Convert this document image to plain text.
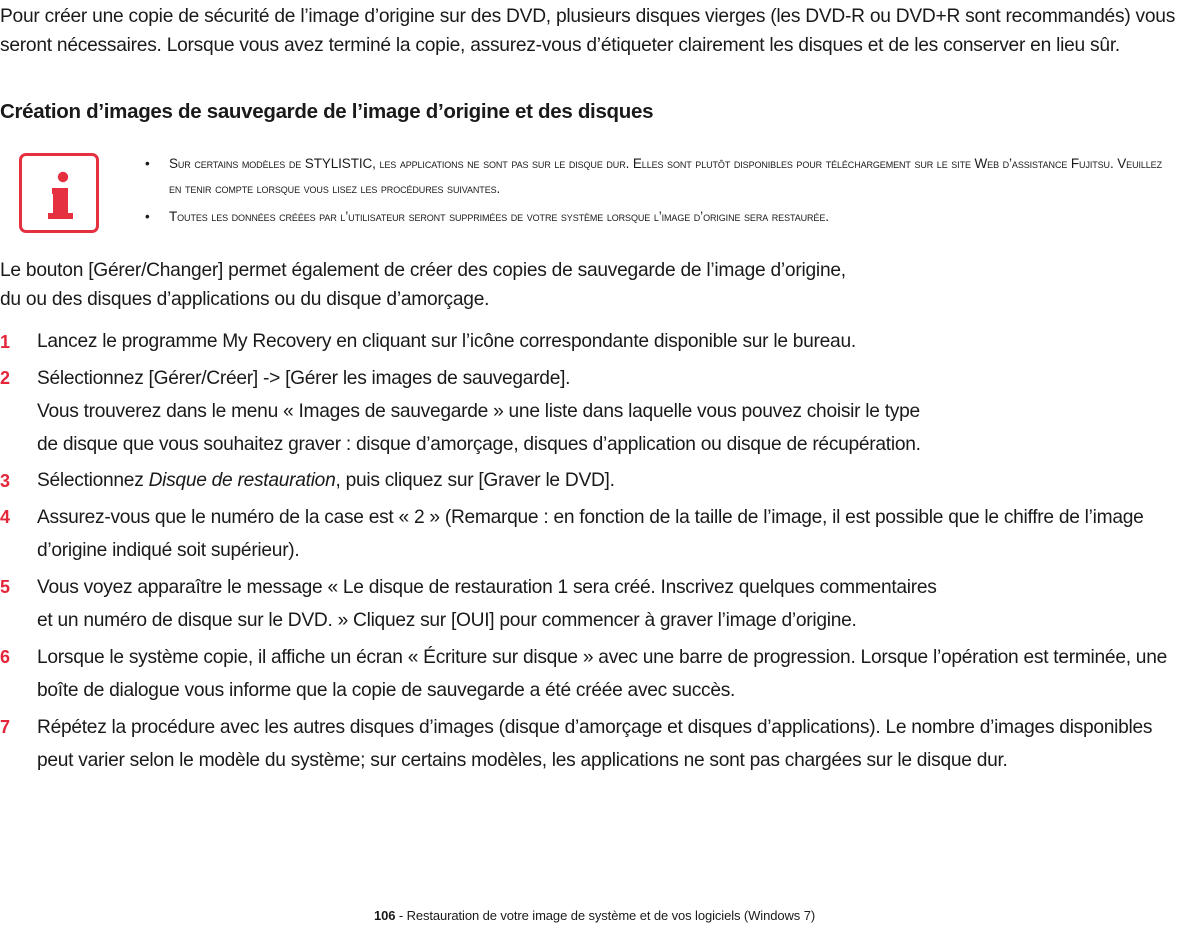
Pour créer une copie de sécurité de l’image d’origine sur des DVD, plusieurs disques vierges (les DVD-R ou DVD+R sont recommandés) vous seront nécessaires. Lorsque vous avez terminé la copie, assurez-vous d’étiqueter clairement les disques et de les conserver en lieu sûr.

Création d’images de sauvegarde de l’image d’origine et des disques
• Sur certains modèles de STYLISTIC, les applications ne sont pas sur le disque dur. Elles sont plutôt disponibles pour téléchargement sur le site Web d’assistance Fujitsu. Veuillez en tenir compte lorsque vous lisez les procédures suivantes.
• Toutes les données créées par l’utilisateur seront supprimées de votre système lorsque l’image d’origine sera restaurée.

Le bouton [Gérer/Changer] permet également de créer des copies de sauvegarde de l’image d’origine,
du ou des disques d’applications ou du disque d’amorçage.

1 Lancez le programme My Recovery en cliquant sur l’icône correspondante disponible sur le bureau.
2 Sélectionnez [Gérer/Créer] -> [Gérer les images de sauvegarde].
Vous trouverez dans le menu « Images de sauvegarde » une liste dans laquelle vous pouvez choisir le type
de disque que vous souhaitez graver : disque d’amorçage, disques d’application ou disque de récupération.
3 Sélectionnez Disque de restauration, puis cliquez sur [Graver le DVD].
4 Assurez-vous que le numéro de la case est « 2 » (Remarque : en fonction de la taille de l’image, il est possible que le chiffre de l’image d’origine indiqué soit supérieur).
5 Vous voyez apparaître le message « Le disque de restauration 1 sera créé. Inscrivez quelques commentaires
et un numéro de disque sur le DVD. » Cliquez sur [OUI] pour commencer à graver l’image d’origine.
6 Lorsque le système copie, il affiche un écran « Écriture sur disque » avec une barre de progression. Lorsque l’opération est terminée, une boîte de dialogue vous informe que la copie de sauvegarde a été créée avec succès.
7 Répétez la procédure avec les autres disques d’images (disque d’amorçage et disques d’applications). Le nombre d’images disponibles peut varier selon le modèle du système; sur certains modèles, les applications ne sont pas chargées sur le disque dur.
106 - Restauration de votre image de système et de vos logiciels (Windows 7)
